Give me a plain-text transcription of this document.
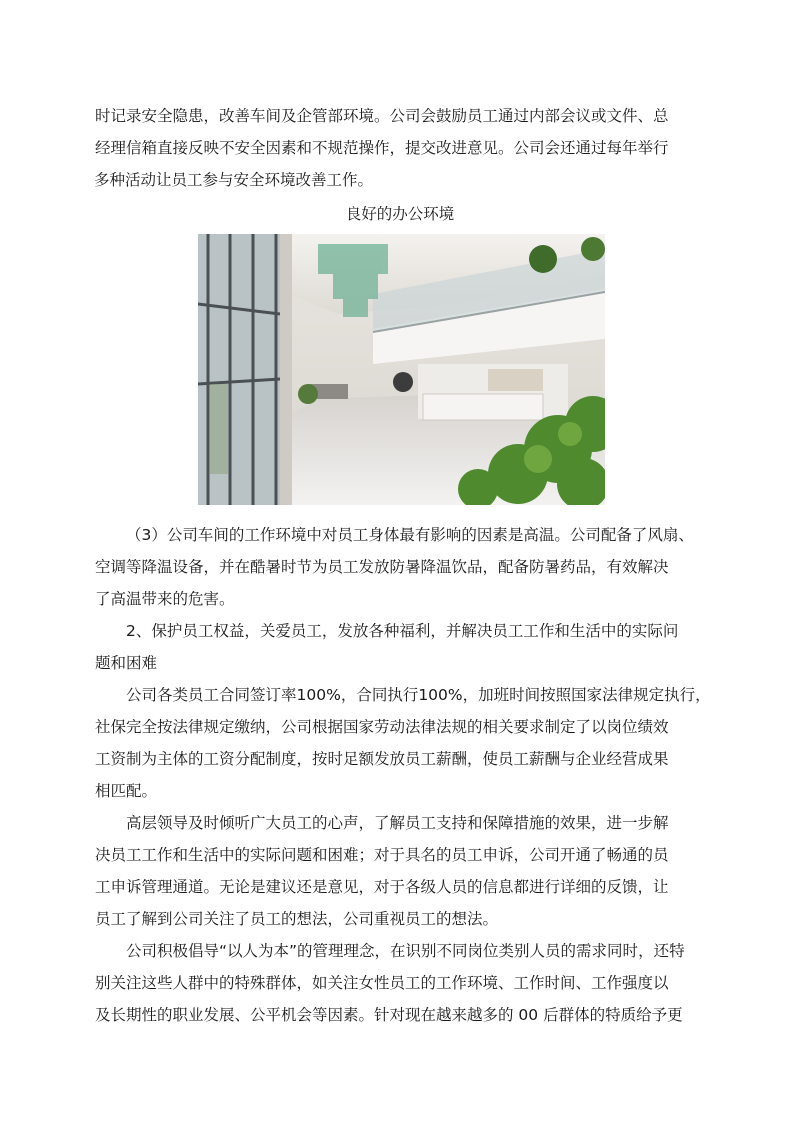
时记录安全隐患，改善车间及企管部环境。公司会鼓励员工通过内部会议或文件、总
经理信箱直接反映不安全因素和不规范操作，提交改进意见。公司会还通过每年举行
多种活动让员工参与安全环境改善工作。

良好的办公环境

（3）公司车间的工作环境中对员工身体最有影响的因素是高温。公司配备了风扇、
空调等降温设备，并在酷暑时节为员工发放防暑降温饮品，配备防暑药品，有效解决
了高温带来的危害。

2、保护员工权益，关爱员工，发放各种福利，并解决员工工作和生活中的实际问
题和困难

公司各类员工合同签订率100%，合同执行100%，加班时间按照国家法律规定执行，
社保完全按法律规定缴纳，公司根据国家劳动法律法规的相关要求制定了以岗位绩效
工资制为主体的工资分配制度，按时足额发放员工薪酬，使员工薪酬与企业经营成果
相匹配。

高层领导及时倾听广大员工的心声，了解员工支持和保障措施的效果，进一步解
决员工工作和生活中的实际问题和困难；对于具名的员工申诉，公司开通了畅通的员
工申诉管理通道。无论是建议还是意见，对于各级人员的信息都进行详细的反馈，让
员工了解到公司关注了员工的想法，公司重视员工的想法。

公司积极倡导“以人为本”的管理理念，在识别不同岗位类别人员的需求同时，还特
别关注这些人群中的特殊群体，如关注女性员工的工作环境、工作时间、工作强度以
及长期性的职业发展、公平机会等因素。针对现在越来越多的 00 后群体的特质给予更
